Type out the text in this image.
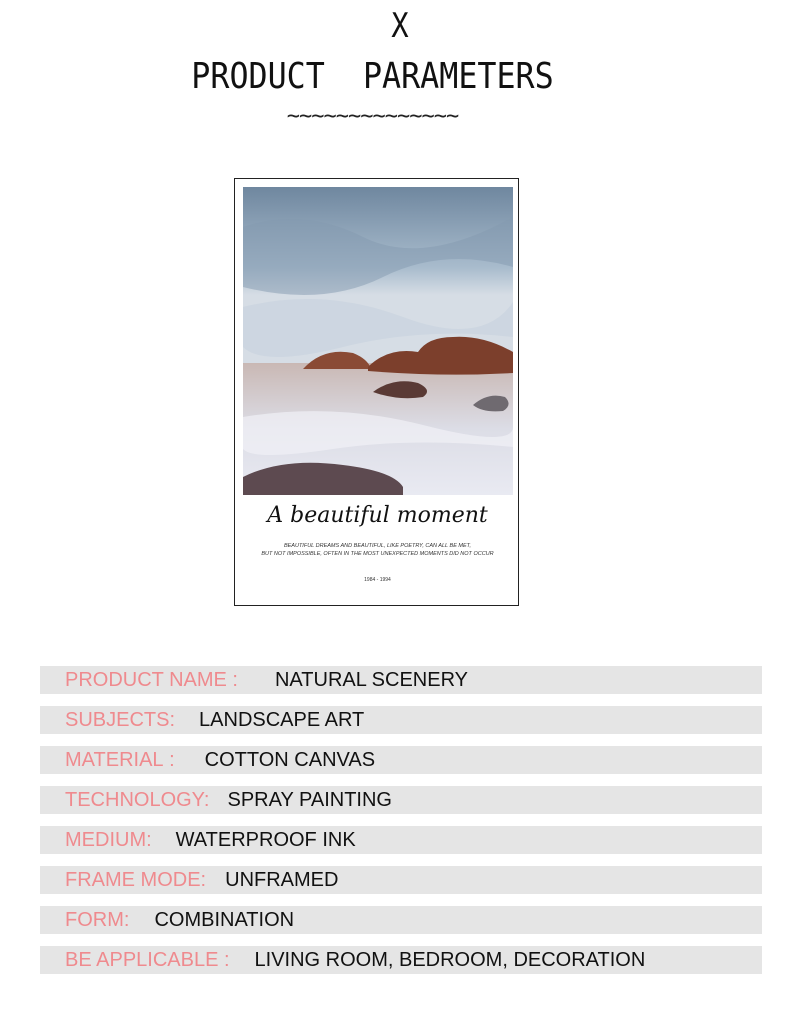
X
PRODUCT  PARAMETERS
~~~~~~~~~~~~~~
A beautiful moment
BEAUTIFUL DREAMS AND BEAUTIFUL, LIKE POETRY, CAN ALL BE MET,
BUT NOT IMPOSSIBLE, OFTEN IN THE MOST UNEXPECTED MOMENTS DID NOT OCCUR
1984 - 1994
PRODUCT NAME : NATURAL SCENERY
SUBJECTS: LANDSCAPE ART
MATERIAL : COTTON CANVAS
TECHNOLOGY: SPRAY PAINTING
MEDIUM: WATERPROOF INK
FRAME MODE: UNFRAMED
FORM: COMBINATION
BE APPLICABLE : LIVING ROOM, BEDROOM, DECORATION
